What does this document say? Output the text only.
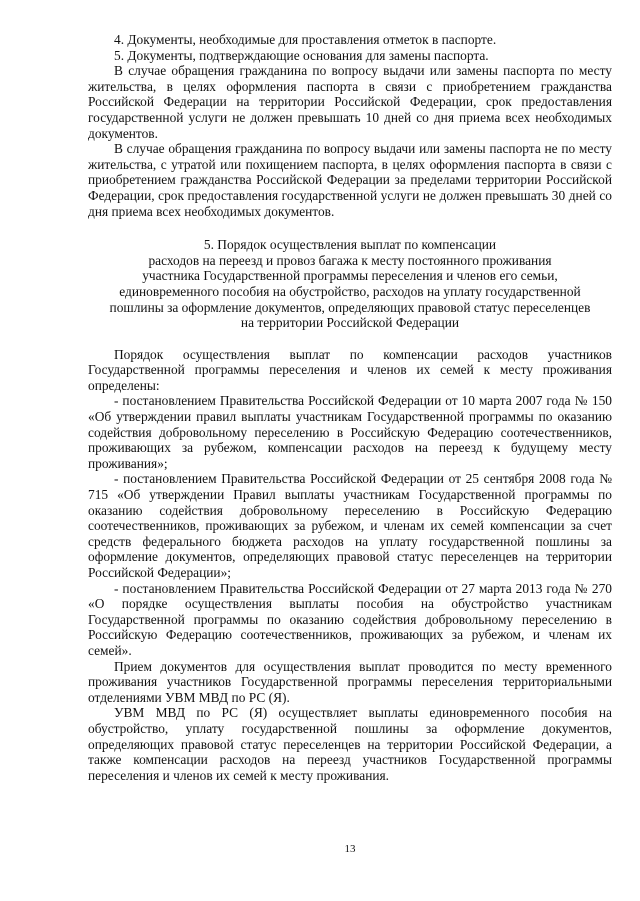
4. Документы, необходимые для проставления отметок в паспорте.

5. Документы, подтверждающие основания для замены паспорта.

В случае обращения гражданина по вопросу выдачи или замены паспорта по месту жительства, в целях оформления паспорта в связи с приобретением гражданства Российской Федерации на территории Российской Федерации, срок предоставления государственной услуги не должен превышать 10 дней со дня приема всех необходимых документов.

В случае обращения гражданина по вопросу выдачи или замены паспорта не по месту жительства, с утратой или похищением паспорта, в целях оформления паспорта в связи с приобретением гражданства Российской Федерации за пределами территории Российской Федерации, срок предоставления государственной услуги не должен превышать 30 дней со дня приема всех необходимых документов.

5. Порядок осуществления выплат по компенсации
расходов на переезд и провоз багажа к месту постоянного проживания
участника Государственной программы переселения и членов его семьи,
единовременного пособия на обустройство, расходов на уплату государственной
пошлины за оформление документов, определяющих правовой статус переселенцев
на территории Российской Федерации

Порядок осуществления выплат по компенсации расходов участников Государственной программы переселения и членов их семей к месту проживания определены:

- постановлением Правительства Российской Федерации от 10 марта 2007 года № 150 «Об утверждении правил выплаты участникам Государственной программы по оказанию содействия добровольному переселению в Российскую Федерацию соотечественников, проживающих за рубежом, компенсации расходов на переезд к будущему месту проживания»;

- постановлением Правительства Российской Федерации от 25 сентября 2008 года № 715 «Об утверждении Правил выплаты участникам Государственной программы по оказанию содействия добровольному переселению в Российскую Федерацию соотечественников, проживающих за рубежом, и членам их семей компенсации за счет средств федерального бюджета расходов на уплату государственной пошлины за оформление документов, определяющих правовой статус переселенцев на территории Российской Федерации»;

- постановлением Правительства Российской Федерации от 27 марта 2013 года № 270 «О порядке осуществления выплаты пособия на обустройство участникам Государственной программы по оказанию содействия добровольному переселению в Российскую Федерацию соотечественников, проживающих за рубежом, и членам их семей».

Прием документов для осуществления выплат проводится по месту временного проживания участников Государственной программы переселения территориальными отделениями УВМ МВД по РС (Я).

УВМ МВД по РС (Я) осуществляет выплаты единовременного пособия на обустройство, уплату государственной пошлины за оформление документов, определяющих правовой статус переселенцев на территории Российской Федерации, а также компенсации расходов на переезд участников Государственной программы переселения и членов их семей к месту проживания.

13
